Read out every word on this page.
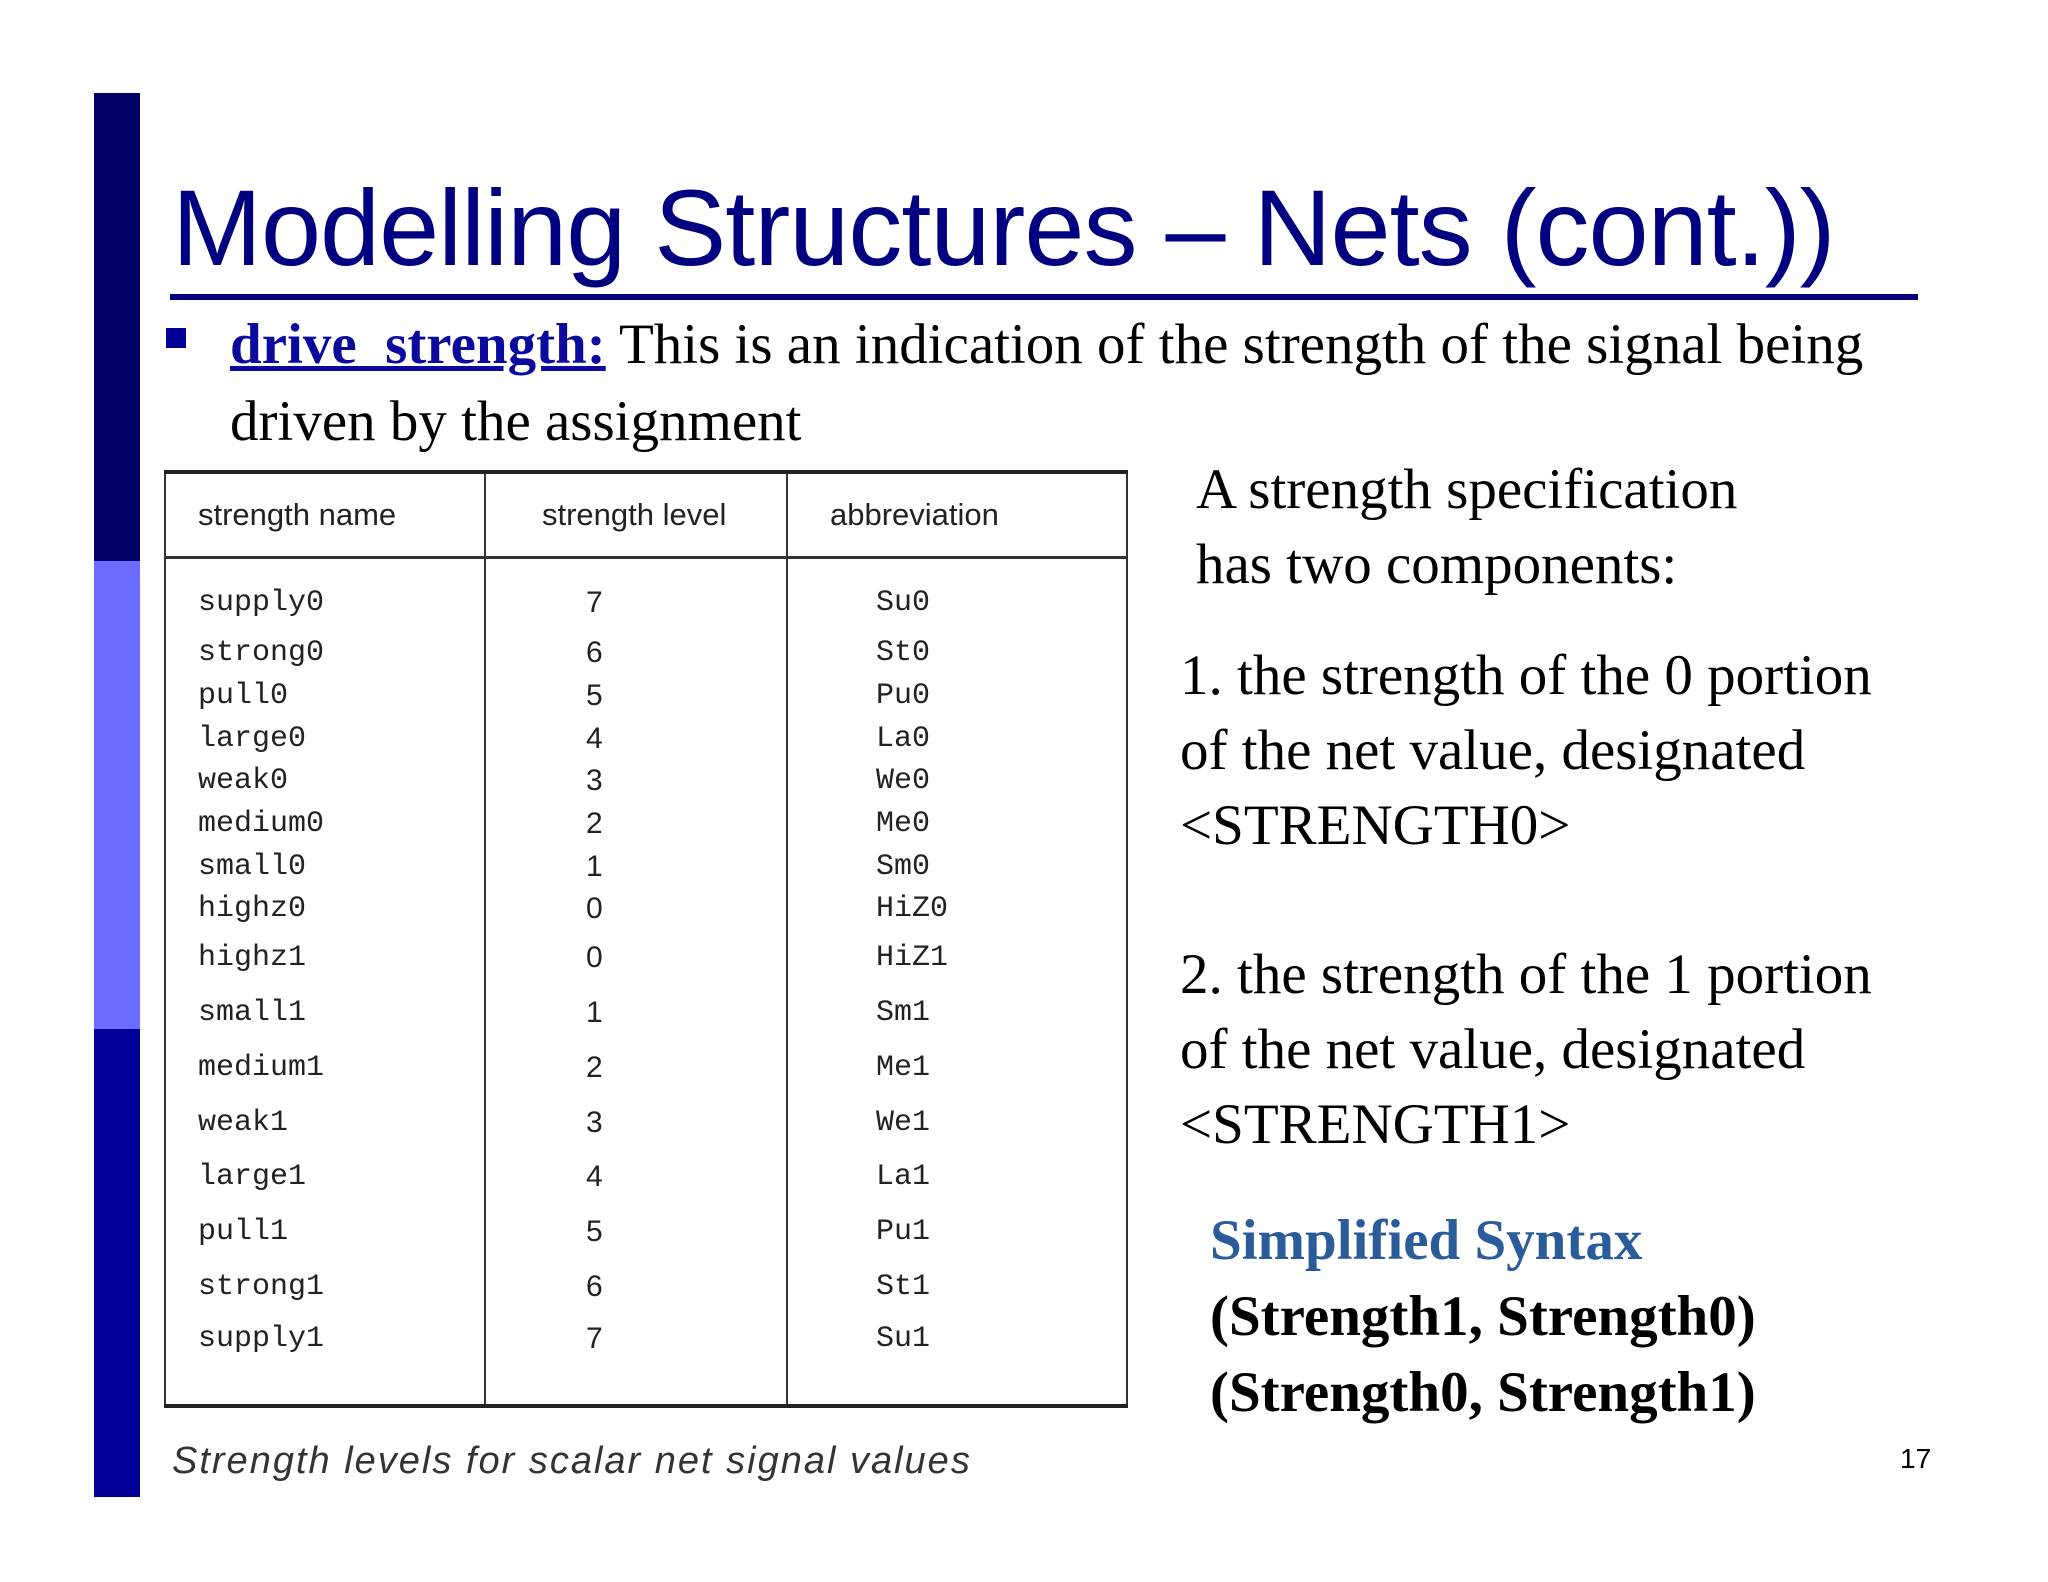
Modelling Structures – Nets (cont.))
drive_strength: This is an indication of the strength of the signal being driven by the assignment
strength name	strength level	abbreviation
supply0	7	Su0
strong0	6	St0
pull0	5	Pu0
large0	4	La0
weak0	3	We0
medium0	2	Me0
small0	1	Sm0
highz0	0	HiZ0
highz1	0	HiZ1
small1	1	Sm1
medium1	2	Me1
weak1	3	We1
large1	4	La1
pull1	5	Pu1
strong1	6	St1
supply1	7	Su1
Strength levels for scalar net signal values
A strength specification
has two components:
1. the strength of the 0 portion
of the net value, designated
<STRENGTH0>
2. the strength of the 1 portion
of the net value, designated
<STRENGTH1>
Simplified Syntax
(Strength1, Strength0)
(Strength0, Strength1)
17
